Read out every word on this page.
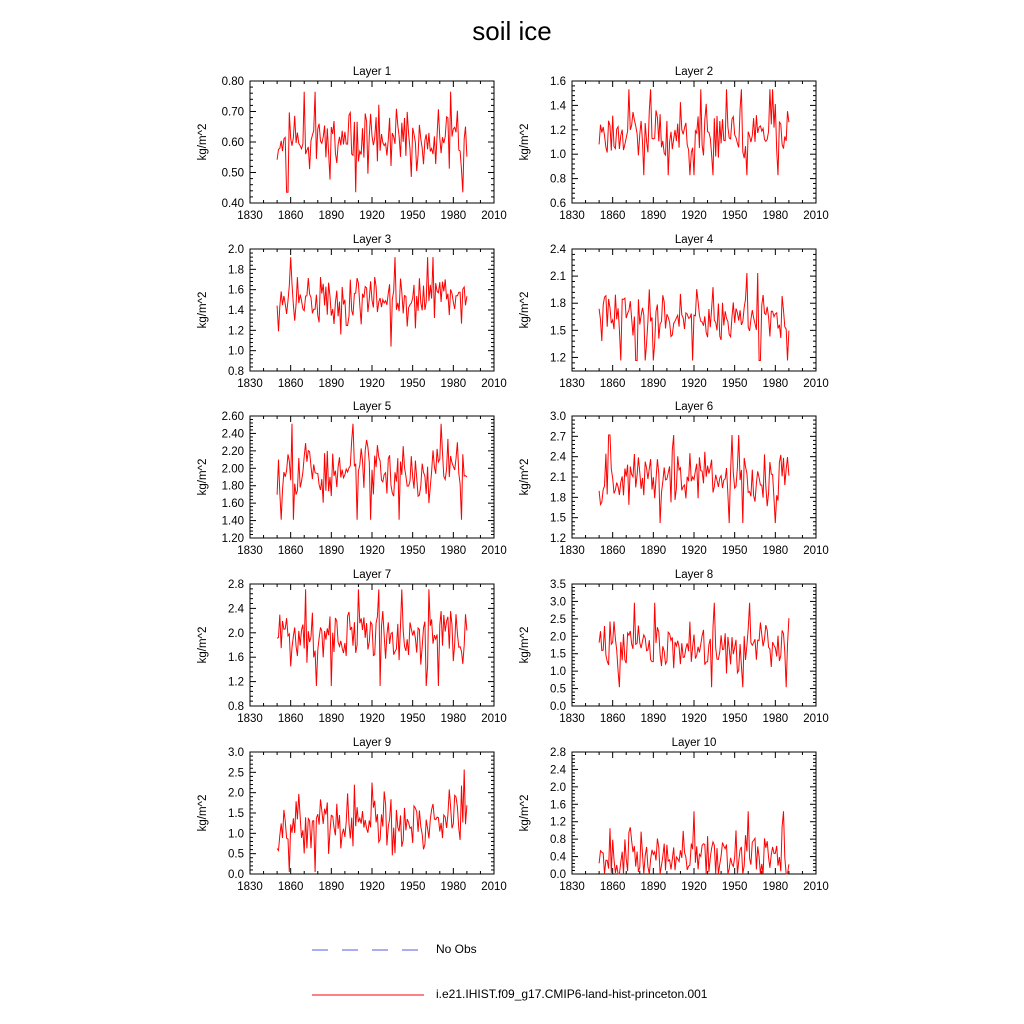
soil ice
Layer 1
kg/m^2
1830 1860 1890 1920 1950 1980 2010
0.40
0.50
0.60
0.70
0.80
Layer 2
kg/m^2
1830 1860 1890 1920 1950 1980 2010
0.6
0.8
1.0
1.2
1.4
1.6
Layer 3
kg/m^2
1830 1860 1890 1920 1950 1980 2010
0.8
1.0
1.2
1.4
1.6
1.8
2.0
Layer 4
kg/m^2
1830 1860 1890 1920 1950 1980 2010
1.2
1.5
1.8
2.1
2.4
Layer 5
kg/m^2
1830 1860 1890 1920 1950 1980 2010
1.20
1.40
1.60
1.80
2.00
2.20
2.40
2.60
Layer 6
kg/m^2
1830 1860 1890 1920 1950 1980 2010
1.2
1.5
1.8
2.1
2.4
2.7
3.0
Layer 7
kg/m^2
1830 1860 1890 1920 1950 1980 2010
0.8
1.2
1.6
2.0
2.4
2.8
Layer 8
kg/m^2
1830 1860 1890 1920 1950 1980 2010
0.0
0.5
1.0
1.5
2.0
2.5
3.0
3.5
Layer 9
kg/m^2
1830 1860 1890 1920 1950 1980 2010
0.0
0.5
1.0
1.5
2.0
2.5
3.0
Layer 10
kg/m^2
1830 1860 1890 1920 1950 1980 2010
0.0
0.4
0.8
1.2
1.6
2.0
2.4
2.8
No Obs
i.e21.IHIST.f09_g17.CMIP6-land-hist-princeton.001
